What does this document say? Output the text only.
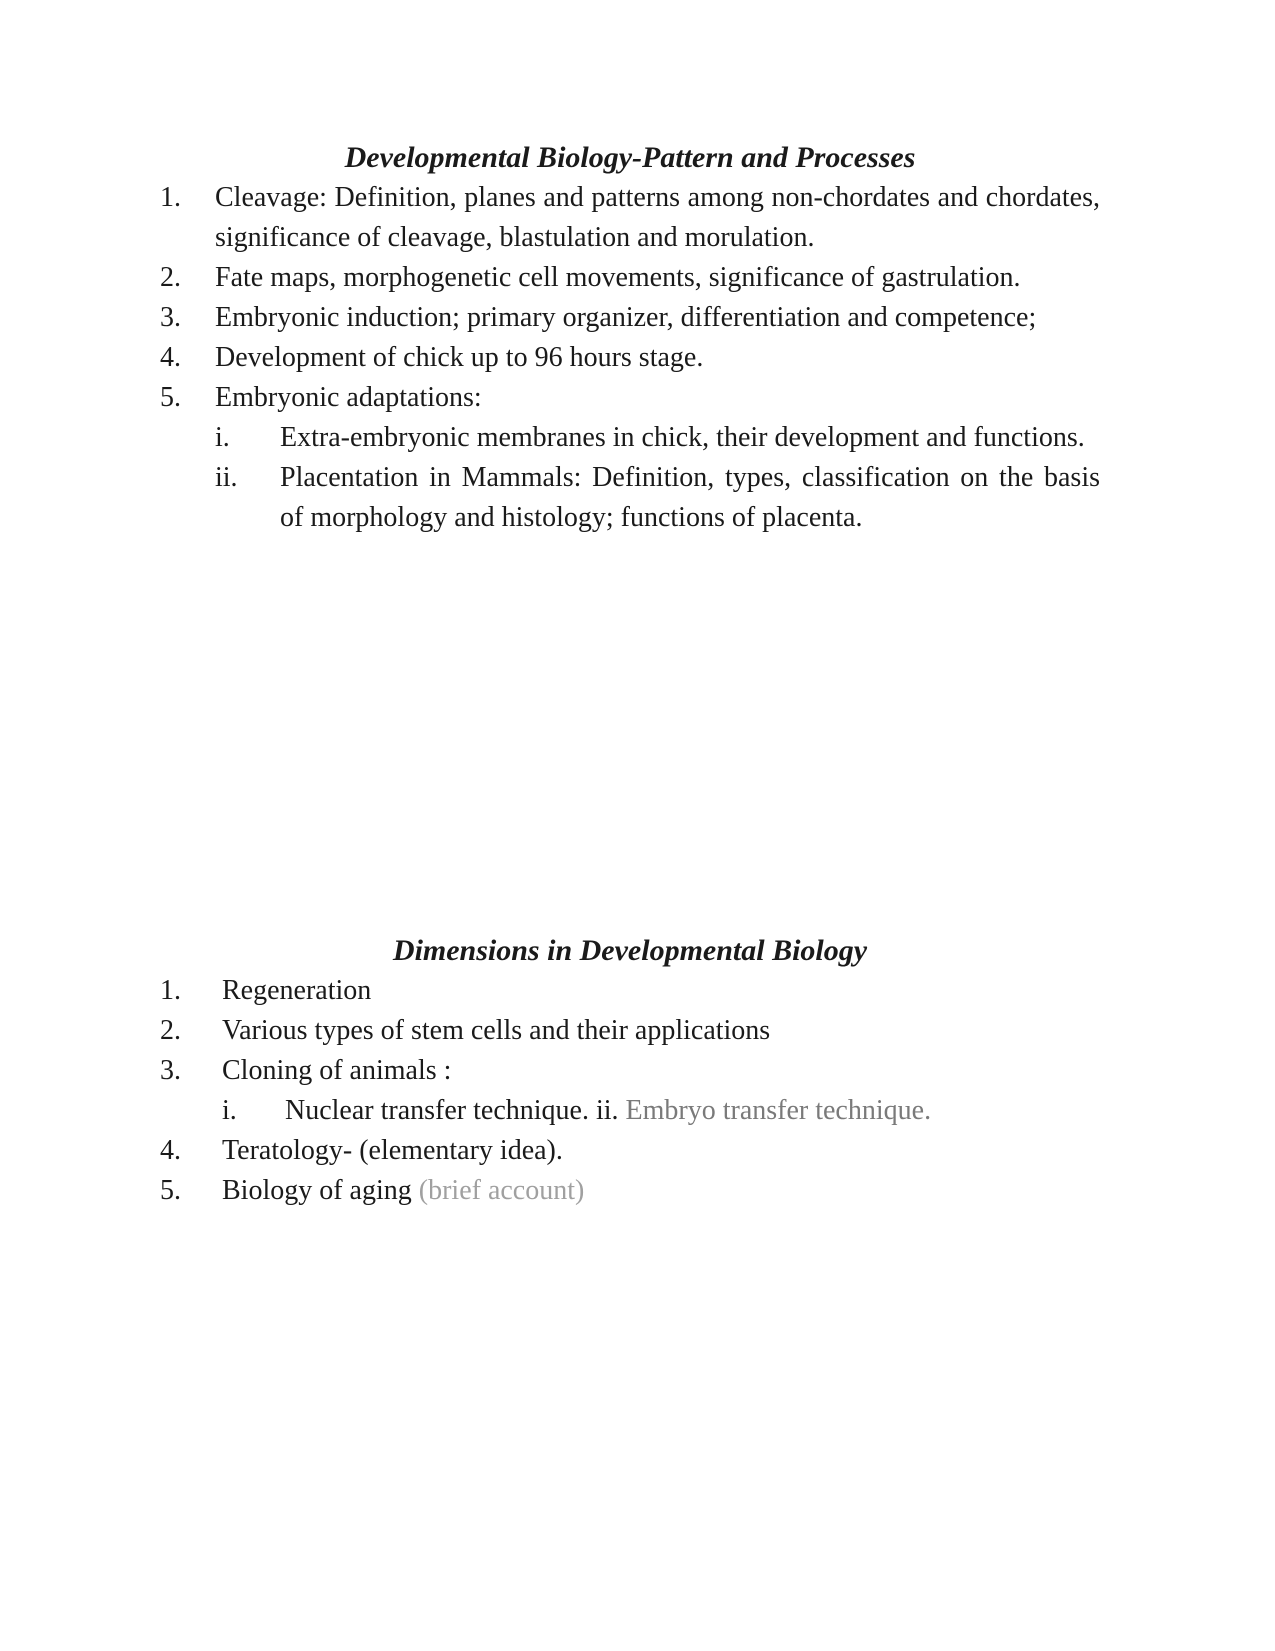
Developmental Biology-Pattern and Processes
1. Cleavage: Definition, planes and patterns among non-chordates and chordates, significance of cleavage, blastulation and morulation.
2. Fate maps, morphogenetic cell movements, significance of gastrulation.
3. Embryonic induction; primary organizer, differentiation and competence;
4. Development of chick up to 96 hours stage.
5. Embryonic adaptations:
i. Extra-embryonic membranes in chick, their development and functions.
ii. Placentation in Mammals: Definition, types, classification on the basis of morphology and histology; functions of placenta.
Dimensions in Developmental Biology
1. Regeneration
2. Various types of stem cells and their applications
3. Cloning of animals :
i. Nuclear transfer technique. ii. Embryo transfer technique.
4. Teratology- (elementary idea).
5. Biology of aging (brief account)
